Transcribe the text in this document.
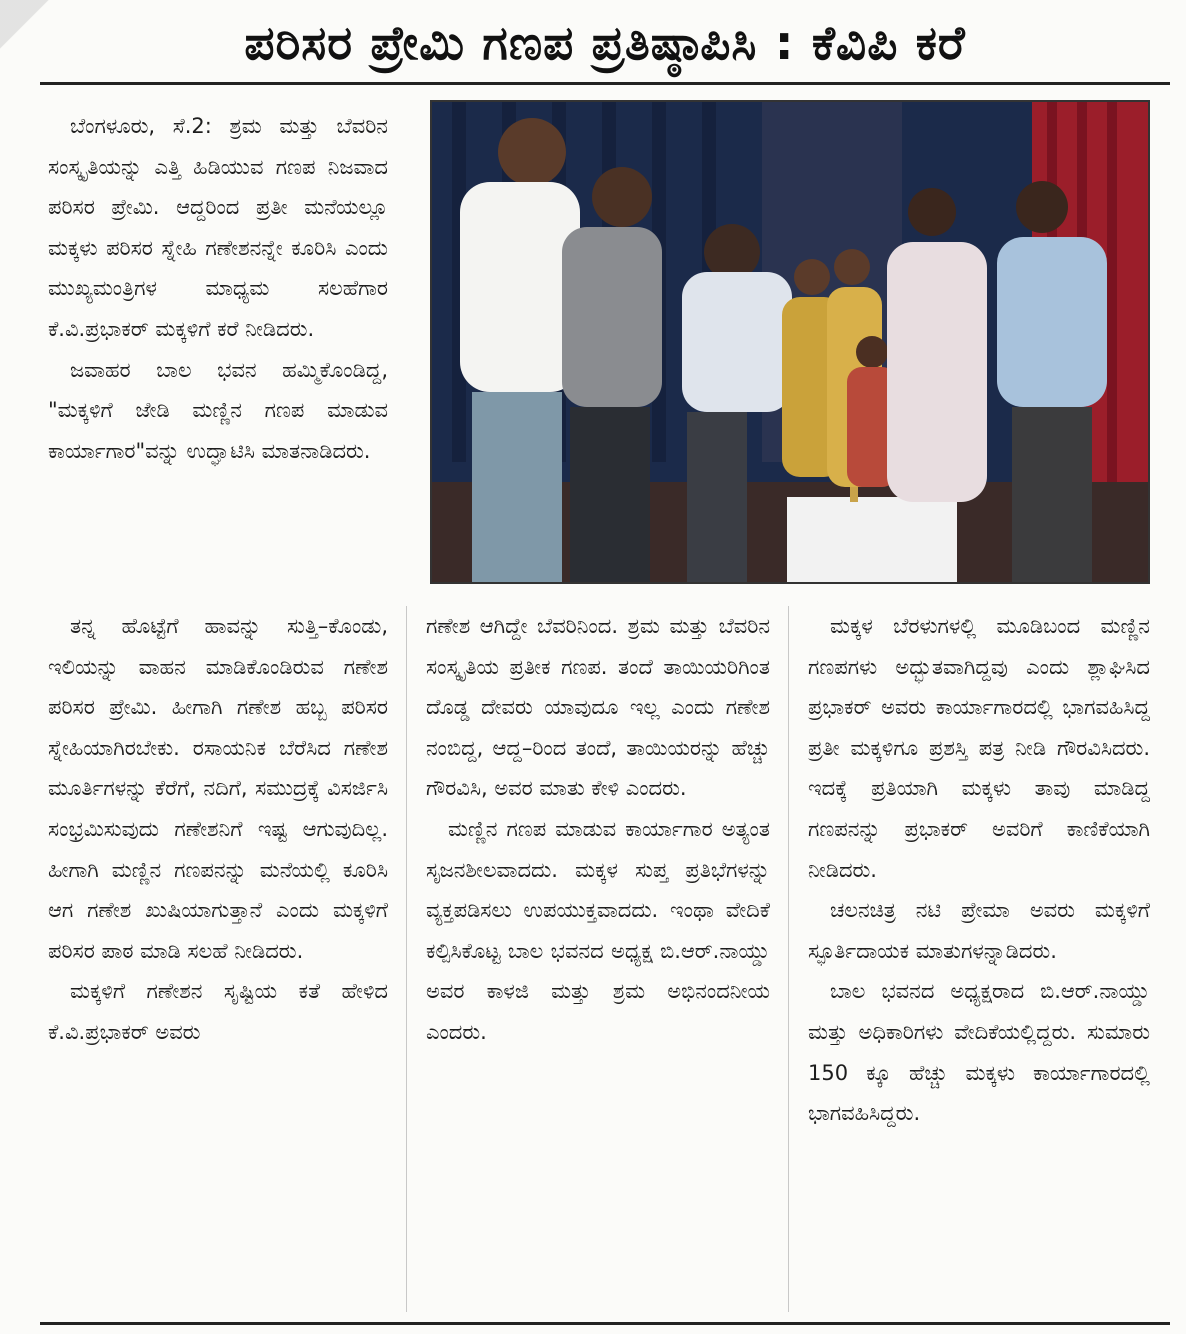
ಪರಿಸರ ಪ್ರೇಮಿ ಗಣಪ ಪ್ರತಿಷ್ಠಾಪಿಸಿ : ಕೆವಿಪಿ ಕರೆ

ಬೆಂಗಳೂರು, ಸೆ.2: ಶ್ರಮ ಮತ್ತು ಬೆವರಿನ ಸಂಸ್ಕೃತಿಯನ್ನು ಎತ್ತಿ ಹಿಡಿಯುವ ಗಣಪ ನಿಜವಾದ ಪರಿಸರ ಪ್ರೇಮಿ. ಆದ್ದರಿಂದ ಪ್ರತೀ ಮನೆಯಲ್ಲೂ ಮಕ್ಕಳು ಪರಿಸರ ಸ್ನೇಹಿ ಗಣೇಶನನ್ನೇ ಕೂರಿಸಿ ಎಂದು ಮುಖ್ಯಮಂತ್ರಿಗಳ ಮಾಧ್ಯಮ ಸಲಹೆಗಾರ ಕೆ.ವಿ.ಪ್ರಭಾಕರ್ ಮಕ್ಕಳಿಗೆ ಕರೆ ನೀಡಿದರು.

ಜವಾಹರ ಬಾಲ ಭವನ ಹಮ್ಮಿಕೊಂಡಿದ್ದ, "ಮಕ್ಕಳಿಗೆ ಜೇಡಿ ಮಣ್ಣಿನ ಗಣಪ ಮಾಡುವ ಕಾರ್ಯಾಗಾರ"ವನ್ನು ಉದ್ಘಾಟಿಸಿ ಮಾತನಾಡಿದರು.

ತನ್ನ ಹೊಟ್ಟೆಗೆ ಹಾವನ್ನು ಸುತ್ತಿ–ಕೊಂಡು, ಇಲಿಯನ್ನು ವಾಹನ ಮಾಡಿಕೊಂಡಿರುವ ಗಣೇಶ ಪರಿಸರ ಪ್ರೇಮಿ. ಹೀಗಾಗಿ ಗಣೇಶ ಹಬ್ಬ ಪರಿಸರ ಸ್ನೇಹಿಯಾಗಿರಬೇಕು. ರಸಾಯನಿಕ ಬೆರೆಸಿದ ಗಣೇಶ ಮೂರ್ತಿಗಳನ್ನು ಕೆರೆಗೆ, ನದಿಗೆ, ಸಮುದ್ರಕ್ಕೆ ವಿಸರ್ಜಿಸಿ ಸಂಭ್ರಮಿಸುವುದು ಗಣೇಶನಿಗೆ ಇಷ್ಟ ಆಗುವುದಿಲ್ಲ. ಹೀಗಾಗಿ ಮಣ್ಣಿನ ಗಣಪನನ್ನು ಮನೆಯಲ್ಲಿ ಕೂರಿಸಿ ಆಗ ಗಣೇಶ ಖುಷಿಯಾಗುತ್ತಾನೆ ಎಂದು ಮಕ್ಕಳಿಗೆ ಪರಿಸರ ಪಾಠ ಮಾಡಿ ಸಲಹೆ ನೀಡಿದರು.

ಮಕ್ಕಳಿಗೆ ಗಣೇಶನ ಸೃಷ್ಟಿಯ ಕತೆ ಹೇಳಿದ ಕೆ.ವಿ.ಪ್ರಭಾಕರ್ ಅವರು

ಗಣೇಶ ಆಗಿದ್ದೇ ಬೆವರಿನಿಂದ. ಶ್ರಮ ಮತ್ತು ಬೆವರಿನ ಸಂಸ್ಕೃತಿಯ ಪ್ರತೀಕ ಗಣಪ. ತಂದೆ ತಾಯಿಯರಿಗಿಂತ ದೊಡ್ಡ ದೇವರು ಯಾವುದೂ ಇಲ್ಲ ಎಂದು ಗಣೇಶ ನಂಬಿದ್ದ, ಆದ್ದ–ರಿಂದ ತಂದೆ, ತಾಯಿಯರನ್ನು ಹೆಚ್ಚು ಗೌರವಿಸಿ, ಅವರ ಮಾತು ಕೇಳಿ ಎಂದರು.

ಮಣ್ಣಿನ ಗಣಪ ಮಾಡುವ ಕಾರ್ಯಾಗಾರ ಅತ್ಯಂತ ಸೃಜನಶೀಲವಾದದು. ಮಕ್ಕಳ ಸುಪ್ತ ಪ್ರತಿಭೆಗಳನ್ನು ವ್ಯಕ್ತಪಡಿಸಲು ಉಪಯುಕ್ತವಾದದು. ಇಂಥಾ ವೇದಿಕೆ ಕಲ್ಪಿಸಿಕೊಟ್ಟ ಬಾಲ ಭವನದ ಅಧ್ಯಕ್ಷ ಬಿ.ಆರ್.ನಾಯ್ಡು ಅವರ ಕಾಳಜಿ ಮತ್ತು ಶ್ರಮ ಅಭಿನಂದನೀಯ ಎಂದರು.

ಮಕ್ಕಳ ಬೆರಳುಗಳಲ್ಲಿ ಮೂಡಿಬಂದ ಮಣ್ಣಿನ ಗಣಪಗಳು ಅದ್ಭುತವಾಗಿದ್ದವು ಎಂದು ಶ್ಲಾಘಿಸಿದ ಪ್ರಭಾಕರ್ ಅವರು ಕಾರ್ಯಾಗಾರದಲ್ಲಿ ಭಾಗವಹಿಸಿದ್ದ ಪ್ರತೀ ಮಕ್ಕಳಿಗೂ ಪ್ರಶಸ್ತಿ ಪತ್ರ ನೀಡಿ ಗೌರವಿಸಿದರು. ಇದಕ್ಕೆ ಪ್ರತಿಯಾಗಿ ಮಕ್ಕಳು ತಾವು ಮಾಡಿದ್ದ ಗಣಪನನ್ನು ಪ್ರಭಾಕರ್ ಅವರಿಗೆ ಕಾಣಿಕೆಯಾಗಿ ನೀಡಿದರು.

ಚಲನಚಿತ್ರ ನಟಿ ಪ್ರೇಮಾ ಅವರು ಮಕ್ಕಳಿಗೆ ಸ್ಫೂರ್ತಿದಾಯಕ ಮಾತುಗಳನ್ನಾಡಿದರು.

ಬಾಲ ಭವನದ ಅಧ್ಯಕ್ಷರಾದ ಬಿ.ಆರ್.ನಾಯ್ಡು ಮತ್ತು ಅಧಿಕಾರಿಗಳು ವೇದಿಕೆಯಲ್ಲಿದ್ದರು. ಸುಮಾರು 150 ಕ್ಕೂ ಹೆಚ್ಚು ಮಕ್ಕಳು ಕಾರ್ಯಾಗಾರದಲ್ಲಿ ಭಾಗವಹಿಸಿದ್ದರು.
